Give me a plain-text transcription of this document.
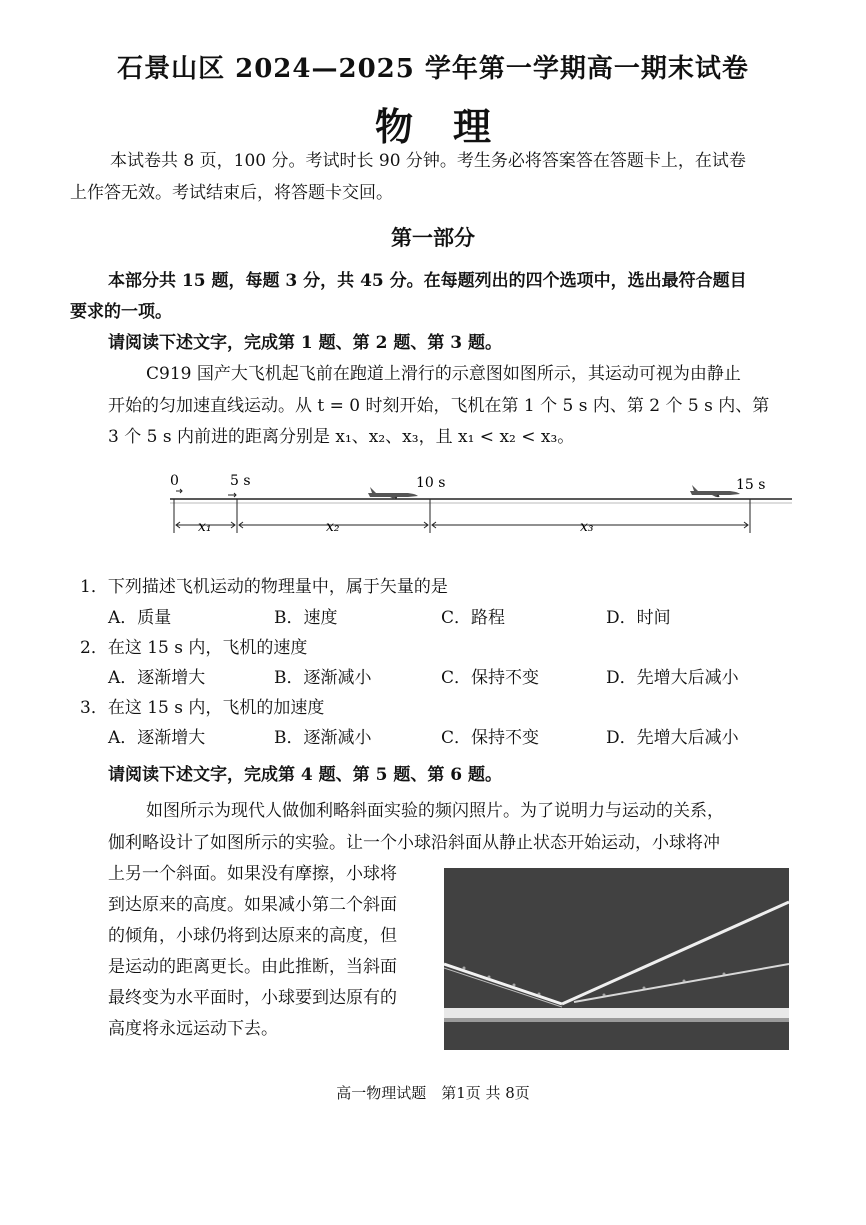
石景山区 2024—2025 学年第一学期高一期末试卷
物理
本试卷共 8 页，100 分。考试时长 90 分钟。考生务必将答案答在答题卡上，在试卷
上作答无效。考试结束后，将答题卡交回。
第一部分
本部分共 15 题，每题 3 分，共 45 分。在每题列出的四个选项中，选出最符合题目
要求的一项。
请阅读下述文字，完成第 1 题、第 2 题、第 3 题。
C919 国产大飞机起飞前在跑道上滑行的示意图如图所示，其运动可视为由静止
开始的匀加速直线运动。从 t = 0 时刻开始，飞机在第 1 个 5 s 内、第 2 个 5 s 内、第
3 个 5 s 内前进的距离分别是 x₁、x₂、x₃，且 x₁ < x₂ < x₃。
0	5 s	10 s	15 s
x₁	x₂	x₃
1．下列描述飞机运动的物理量中，属于矢量的是
A．质量	B．速度	C．路程	D．时间
2．在这 15 s 内，飞机的速度
A．逐渐增大	B．逐渐减小	C．保持不变	D．先增大后减小
3．在这 15 s 内，飞机的加速度
A．逐渐增大	B．逐渐减小	C．保持不变	D．先增大后减小
请阅读下述文字，完成第 4 题、第 5 题、第 6 题。
如图所示为现代人做伽利略斜面实验的频闪照片。为了说明力与运动的关系，
伽利略设计了如图所示的实验。让一个小球沿斜面从静止状态开始运动，小球将冲
上另一个斜面。如果没有摩擦，小球将
到达原来的高度。如果减小第二个斜面
的倾角，小球仍将到达原来的高度，但
是运动的距离更长。由此推断，当斜面
最终变为水平面时，小球要到达原有的
高度将永远运动下去。
高一物理试题　第1页 共 8页
